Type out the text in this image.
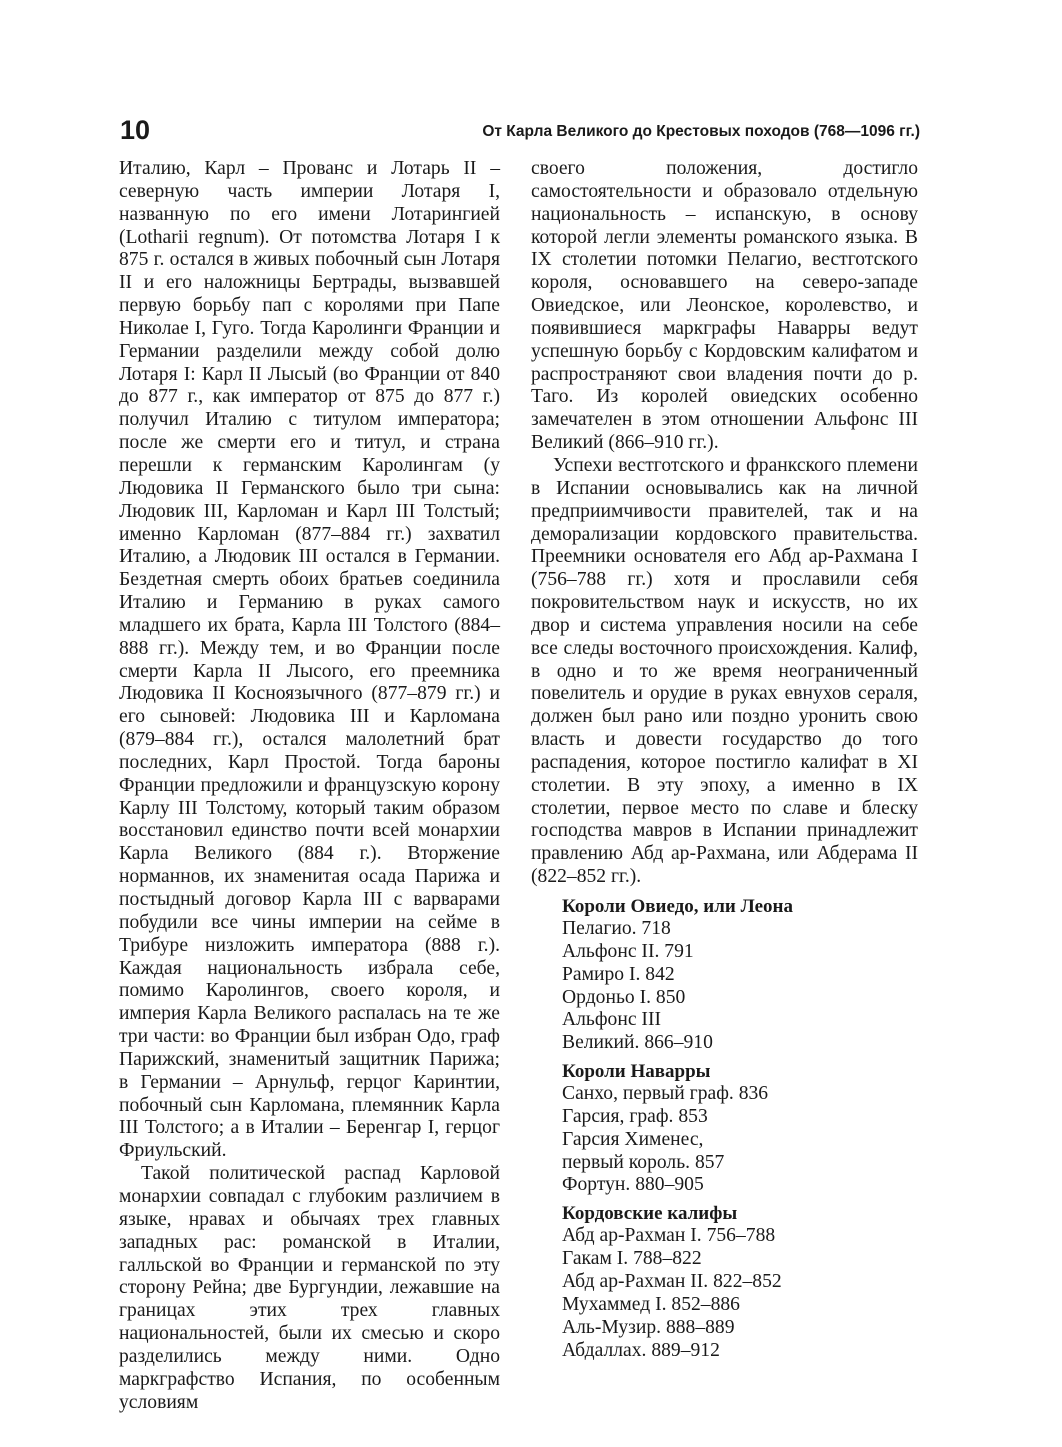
10	От Карла Великого до Крестовых походов (768—1096 гг.)

Италию, Карл – Прованс и Лотарь II – северную часть империи Лотаря I, названную по его имени Лотарингией (Lotharii regnum). От потомства Лотаря I к 875 г. остался в живых побочный сын Лотаря II и его наложницы Бертрады, вызвавшей первую борьбу пап с королями при Папе Николае I, Гуго. Тогда Каролинги Франции и Германии разделили между собой долю Лотаря I: Карл II Лысый (во Франции от 840 до 877 г., как император от 875 до 877 г.) получил Италию с титулом императора; после же смерти его и титул, и страна перешли к германским Каролингам (у Людовика II Германского было три сына: Людовик III, Карломан и Карл III Толстый; именно Карломан (877–884 гг.) захватил Италию, а Людовик III остался в Германии. Бездетная смерть обоих братьев соединила Италию и Германию в руках самого младшего их брата, Карла III Толстого (884–888 гг.). Между тем, и во Франции после смерти Карла II Лысого, его преемника Людовика II Косноязычного (877–879 гг.) и его сыновей: Людовика III и Карломана (879–884 гг.), остался малолетний брат последних, Карл Простой. Тогда бароны Франции предложили и французскую корону Карлу III Толстому, который таким образом восстановил единство почти всей монархии Карла Великого (884 г.). Вторжение норманнов, их знаменитая осада Парижа и постыдный договор Карла III с варварами побудили все чины империи на сейме в Трибуре низложить императора (888 г.). Каждая национальность избрала себе, помимо Каролингов, своего короля, и империя Карла Великого распалась на те же три части: во Франции был избран Одо, граф Парижский, знаменитый защитник Парижа; в Германии – Арнульф, герцог Каринтии, побочный сын Карломана, племянник Карла III Толстого; а в Италии – Беренгар I, герцог Фриульский.

Такой политической распад Карловой монархии совпадал с глубоким различием в языке, нравах и обычаях трех главных западных рас: романской в Италии, галльской во Франции и германской по эту сторону Рейна; две Бургундии, лежавшие на границах этих трех главных национальностей, были их смесью и скоро разделились между ними. Одно маркграфство Испания, по особенным условиям

своего положения, достигло самостоятельности и образовало отдельную национальность – испанскую, в основу которой легли элементы романского языка. В IX столетии потомки Пелагио, вестготского короля, основавшего на северо-западе Овиедское, или Леонское, королевство, и появившиеся маркграфы Наварры ведут успешную борьбу с Кордовским калифатом и распространяют свои владения почти до р. Таго. Из королей овиедских особенно замечателен в этом отношении Альфонс III Великий (866–910 гг.).

Успехи вестготского и франкского племени в Испании основывались как на личной предприимчивости правителей, так и на деморализации кордовского правительства. Преемники основателя его Абд ар-Рахмана I (756–788 гг.) хотя и прославили себя покровительством наук и искусств, но их двор и система управления носили на себе все следы восточного происхождения. Калиф, в одно и то же время неограниченный повелитель и орудие в руках евнухов сераля, должен был рано или поздно уронить свою власть и довести государство до того распадения, которое постигло калифат в XI столетии. В эту эпоху, а именно в IX столетии, первое место по славе и блеску господства мавров в Испании принадлежит правлению Абд ар-Рахмана, или Абдерама II (822–852 гг.).

Короли Овиедо, или Леона
Пелагио. 718
Альфонс II. 791
Рамиро I. 842
Ордоньо I. 850
Альфонс III
Великий. 866–910
Короли Наварры
Санхо, первый граф. 836
Гарсия, граф. 853
Гарсия Хименес,
первый король. 857
Фортун. 880–905
Кордовские калифы
Абд ар-Рахман I. 756–788
Гакам I. 788–822
Абд ар-Рахман II. 822–852
Мухаммед I. 852–886
Аль-Музир. 888–889
Абдаллах. 889–912
